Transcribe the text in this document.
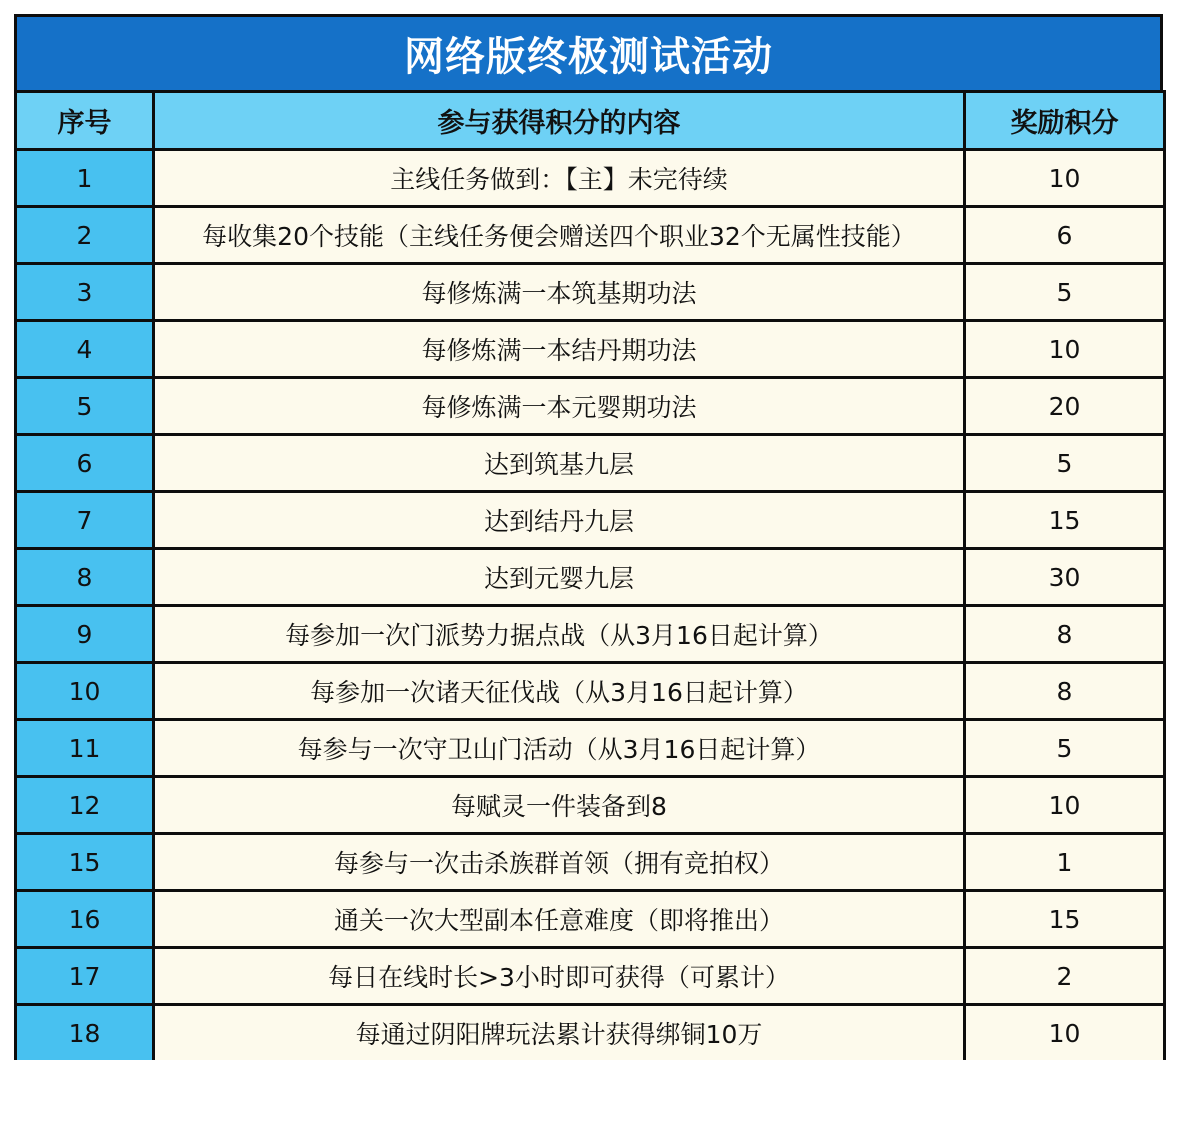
网络版终极测试活动
序号	参与获得积分的内容	奖励积分
1	主线任务做到：【主】未完待续	10
2	每收集20个技能（主线任务便会赠送四个职业32个无属性技能）	6
3	每修炼满一本筑基期功法	5
4	每修炼满一本结丹期功法	10
5	每修炼满一本元婴期功法	20
6	达到筑基九层	5
7	达到结丹九层	15
8	达到元婴九层	30
9	每参加一次门派势力据点战（从3月16日起计算）	8
10	每参加一次诸天征伐战（从3月16日起计算）	8
11	每参与一次守卫山门活动（从3月16日起计算）	5
12	每赋灵一件装备到8	10
15	每参与一次击杀族群首领（拥有竞拍权）	1
16	通关一次大型副本任意难度（即将推出）	15
17	每日在线时长>3小时即可获得（可累计）	2
18	每通过阴阳牌玩法累计获得绑铜10万	10
